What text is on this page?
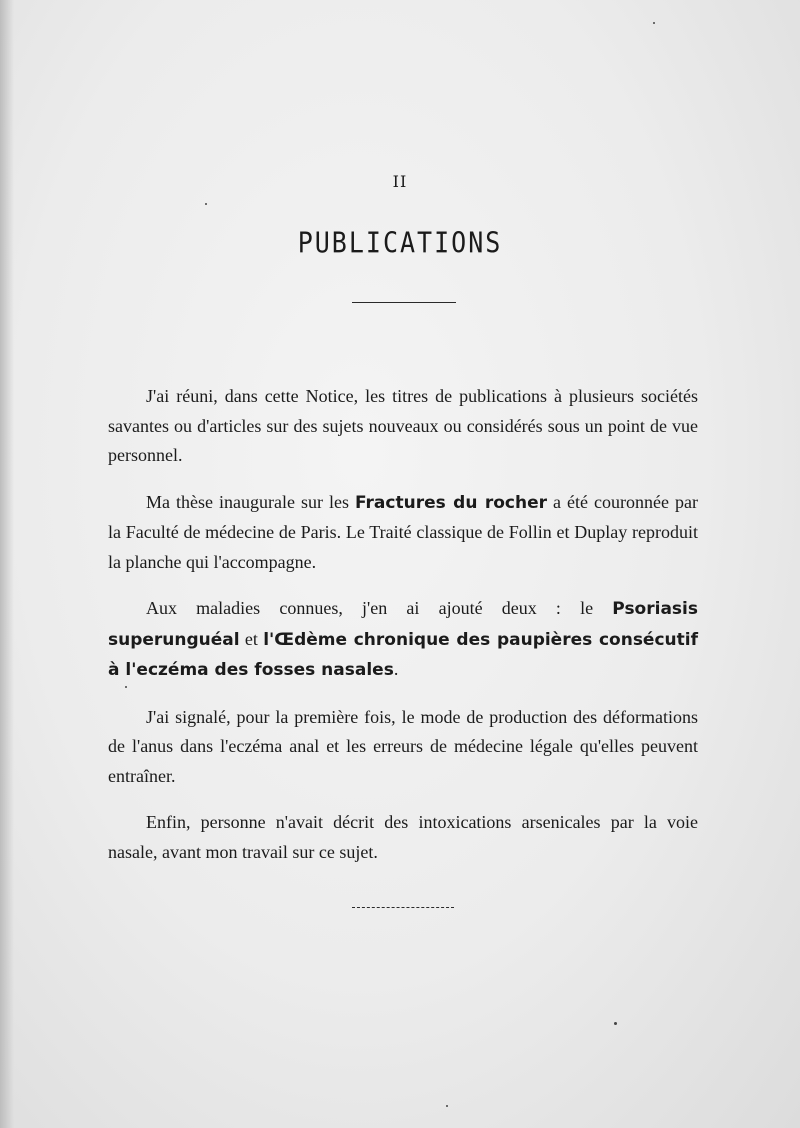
II
PUBLICATIONS

J'ai réuni, dans cette Notice, les titres de publications à plusieurs sociétés savantes ou d'articles sur des sujets nouveaux ou considérés sous un point de vue personnel.

Ma thèse inaugurale sur les Fractures du rocher a été couronnée par la Faculté de médecine de Paris. Le Traité classique de Follin et Duplay reproduit la planche qui l'accompagne.

Aux maladies connues, j'en ai ajouté deux : le Psoriasis superunguéal et l'Œdème chronique des paupières consécutif à l'eczéma des fosses nasales.

J'ai signalé, pour la première fois, le mode de production des déformations de l'anus dans l'eczéma anal et les erreurs de médecine légale qu'elles peuvent entraîner.

Enfin, personne n'avait décrit des intoxications arsenicales par la voie nasale, avant mon travail sur ce sujet.
